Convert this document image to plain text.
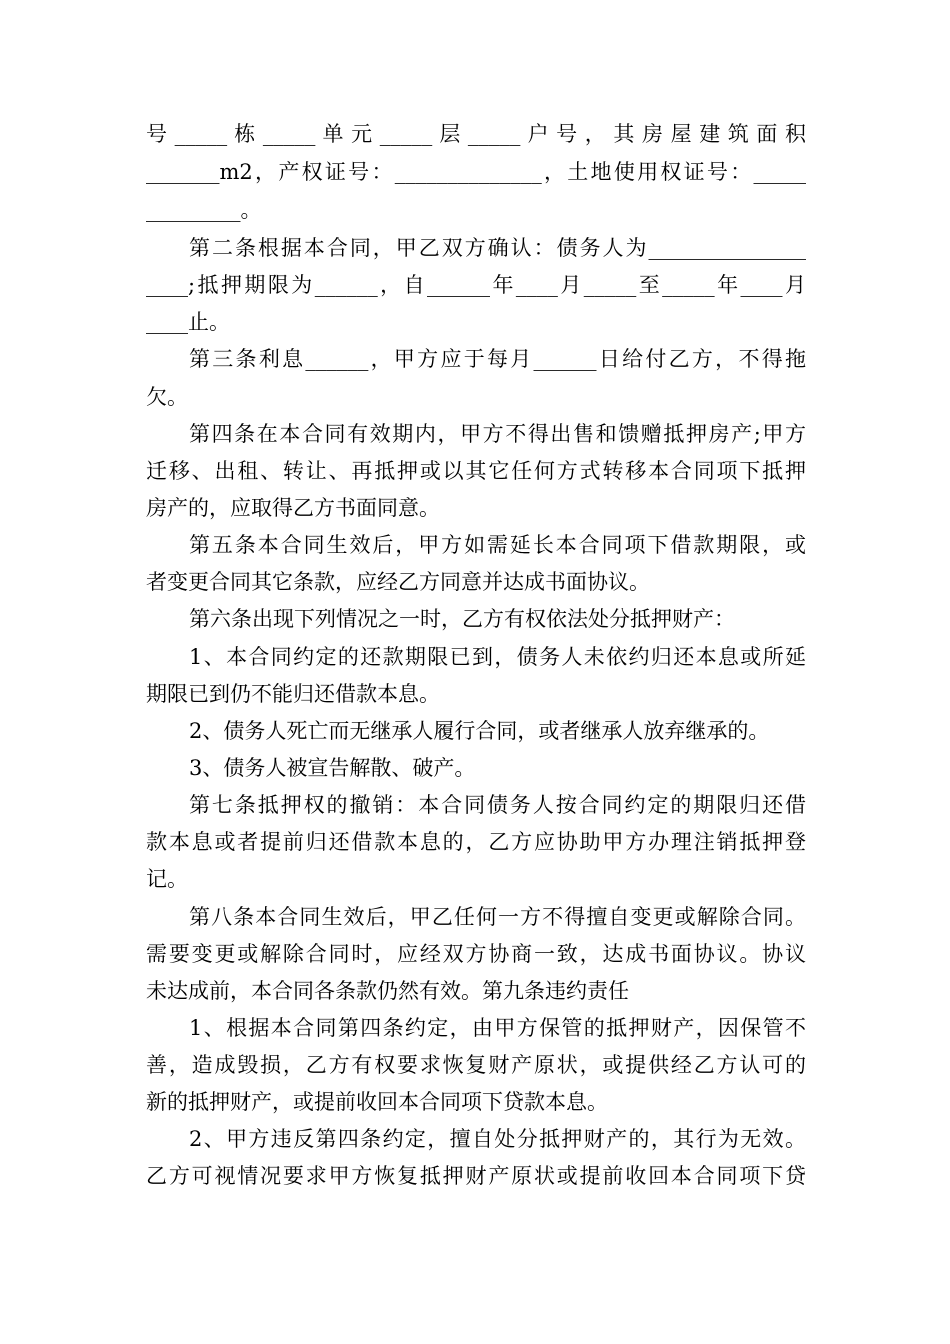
号 _____ 栋 _____ 单 元 _____ 层 _____ 户 号 ， 其 房 屋 建 筑 面 积
_______m2，产权证号：______________，土地使用权证号：_____
_________。
第二条根据本合同，甲乙双方确认：债务人为_______________
____;抵押期限为______，自______年____月_____至_____年____月
____止。
第三条利息______，甲方应于每月______日给付乙方，不得拖
欠。
第四条在本合同有效期内，甲方不得出售和馈赠抵押房产;甲方
迁移、出租、转让、再抵押或以其它任何方式转移本合同项下抵押
房产的，应取得乙方书面同意。
第五条本合同生效后，甲方如需延长本合同项下借款期限，或
者变更合同其它条款，应经乙方同意并达成书面协议。
第六条出现下列情况之一时，乙方有权依法处分抵押财产：
1、本合同约定的还款期限已到，债务人未依约归还本息或所延
期限已到仍不能归还借款本息。
2、债务人死亡而无继承人履行合同，或者继承人放弃继承的。
3、债务人被宣告解散、破产。
第七条抵押权的撤销：本合同债务人按合同约定的期限归还借
款本息或者提前归还借款本息的，乙方应协助甲方办理注销抵押登
记。
第八条本合同生效后，甲乙任何一方不得擅自变更或解除合同。
需要变更或解除合同时，应经双方协商一致，达成书面协议。协议
未达成前，本合同各条款仍然有效。第九条违约责任
1、根据本合同第四条约定，由甲方保管的抵押财产，因保管不
善，造成毁损，乙方有权要求恢复财产原状，或提供经乙方认可的
新的抵押财产，或提前收回本合同项下贷款本息。
2、甲方违反第四条约定，擅自处分抵押财产的，其行为无效。
乙方可视情况要求甲方恢复抵押财产原状或提前收回本合同项下贷
